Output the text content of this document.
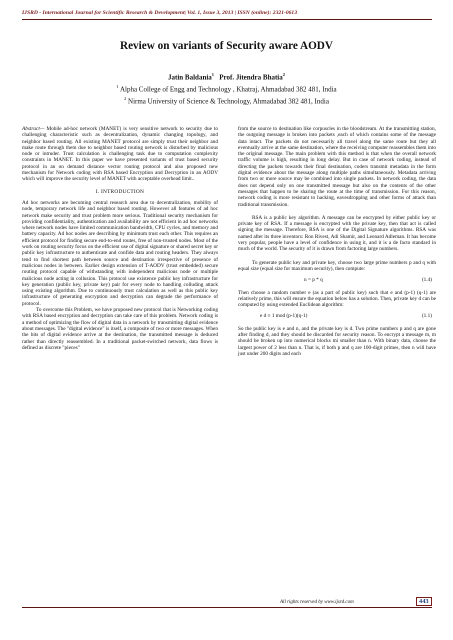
IJSRD - International Journal for Scientific Research & Development| Vol. 1, Issue 3, 2013 | ISSN (online): 2321-0613
Review on variants of Security aware AODV
Jatin Baldania$^1$ Prof. Jitendra Bhatia$^2$
$^1$ Alpha College of Engg and Technology , Khatraj, Ahmadabad 382 481, India
$^2$ Nirma University of Science & Technology, Ahmadabad 382 481, India

Abstract— Mobile ad-hoc network (MANET) is very sensitive network to security due to challenging characteristic such as decentralization, dynamic changing topology, and neighbor based routing. All existing MANET protocol are simply trust their neighbor and make route through them due to neighbor based routing network is disturbed by malicious node or intruder. Trust calculation is challenging task due to computation complexity constraints in MANET. In this paper we have presented variants of trust based security protocol in an on demand distance vector routing protocol and also proposed new mechanism for Network coding with RSA based Encryption and Decryption in an AODV which will improve the security level of MANET with acceptable overhead limit..

I. INTRODUCTION

Ad hoc networks are becoming central research area due to decentralization, mobility of node, temporary network life and neighbor based routing. However all features of ad hoc network make security and trust problem more serious. Traditional security mechanism for providing confidentiality, authentication and availability are not efficient in ad hoc networks where network nodes have limited communication bandwidth, CPU cycles, and memory and battery capacity. Ad hoc nodes are describing by minimum trust each other. This requires an efficient protocol for finding secure end-to-end routes, free of non-trusted nodes. Most of the work on routing security focus on the efficient use of digital signature or shared secret key or public key infrastructure to authenticate and confide data and routing headers. They always tend to find shortest path between source and destination irrespective of presence of malicious nodes in between. Earlier design extension of T-AODV (trust embedded) secure routing protocol capable of withstanding with independent malicious node or multiple malicious node acting in collusion. This protocol use existence public key infrastructure for key generation (public key, private key) pair for every node to handling colluding attack using existing algorithm. Due to continuously trust calculation as well as this public key infrastructure of generating encryption and decryption can degrade the performance of protocol.

To overcome this Problem, we have proposed new protocol that is Networking coding with RSA based encryption and decryption can take care of this problem. Network coding is a method of optimizing the flow of digital data in a network by transmitting digital evidence about messages. The "digital evidence" is itself, a composite of two or more messages. When the bits of digital evidence arrive at the destination, the transmitted message is deduced rather than directly reassembled. In a traditional packet-switched network, data flows is defined as discrete "pieces"

from the source to destination like corpuscles in the bloodstream. At the transmitting station, the outgoing message is broken into packets ,each of which contains some of the message data intact. The packets do not necessarily all travel along the same route but they all eventually arrive at the same destination, where the receiving computer reassembles them into the original message. The main problem with this method is that when the overall network traffic volume is high, resulting in long delay. But in case of network coding, instead of directing the packets towards their final destination, coders transmit metadata in the form digital evidence about the message along multiple paths simultaneously. Metadata arriving from two or more source may be combined into single packets. In network coding, the data does not depend only on one transmitted message but also on the contents of the other messages that happen to be sharing the route at the time of transmission. For this reason, network coding is more resistant to hacking, eavesdropping and other forms of attack than traditional transmission.

RSA is a public key algorithm. A message can be encrypted by either public key or private key of RSA. If a message is encrypted with the private key, then that act is called signing the message. Therefore, RSA is one of the Digital Signature algorithms. RSA was named after its three inventors: Ron Rivest, Adi Shamir, and Leonard Adleman. It has become very popular, people have a level of confidence in using it, and it is a de facto standard in much of the world. The security of it is drawn from factoring large numbers.

To generate public key and private key, choose two large prime numbers p and q with equal size (equal size for maximum security), then compute:

n = p * q	(1.4)

Then choose a random number e (as a part of public key) such that e and (p-1) (q-1) are relatively prime, this will ensure the equation below has a solution. Then, private key d can be computed by using extended Euclidean algorithm:

e d ≡ 1 mod (p-1)(q-1)	(1.1)

So the public key is e and n, and the private key is d. Two prime numbers p and q are gone after finding d, and they should be discarded for security reason. To encrypt a message m, m should be broken up into numerical blocks mi smaller than n. With binary data, choose the largest power of 2 less than n. That is, if both p and q are 100-digit primes, then n will have just under 200 digits and each

All rights reserved by www.ijsrd.com	443
